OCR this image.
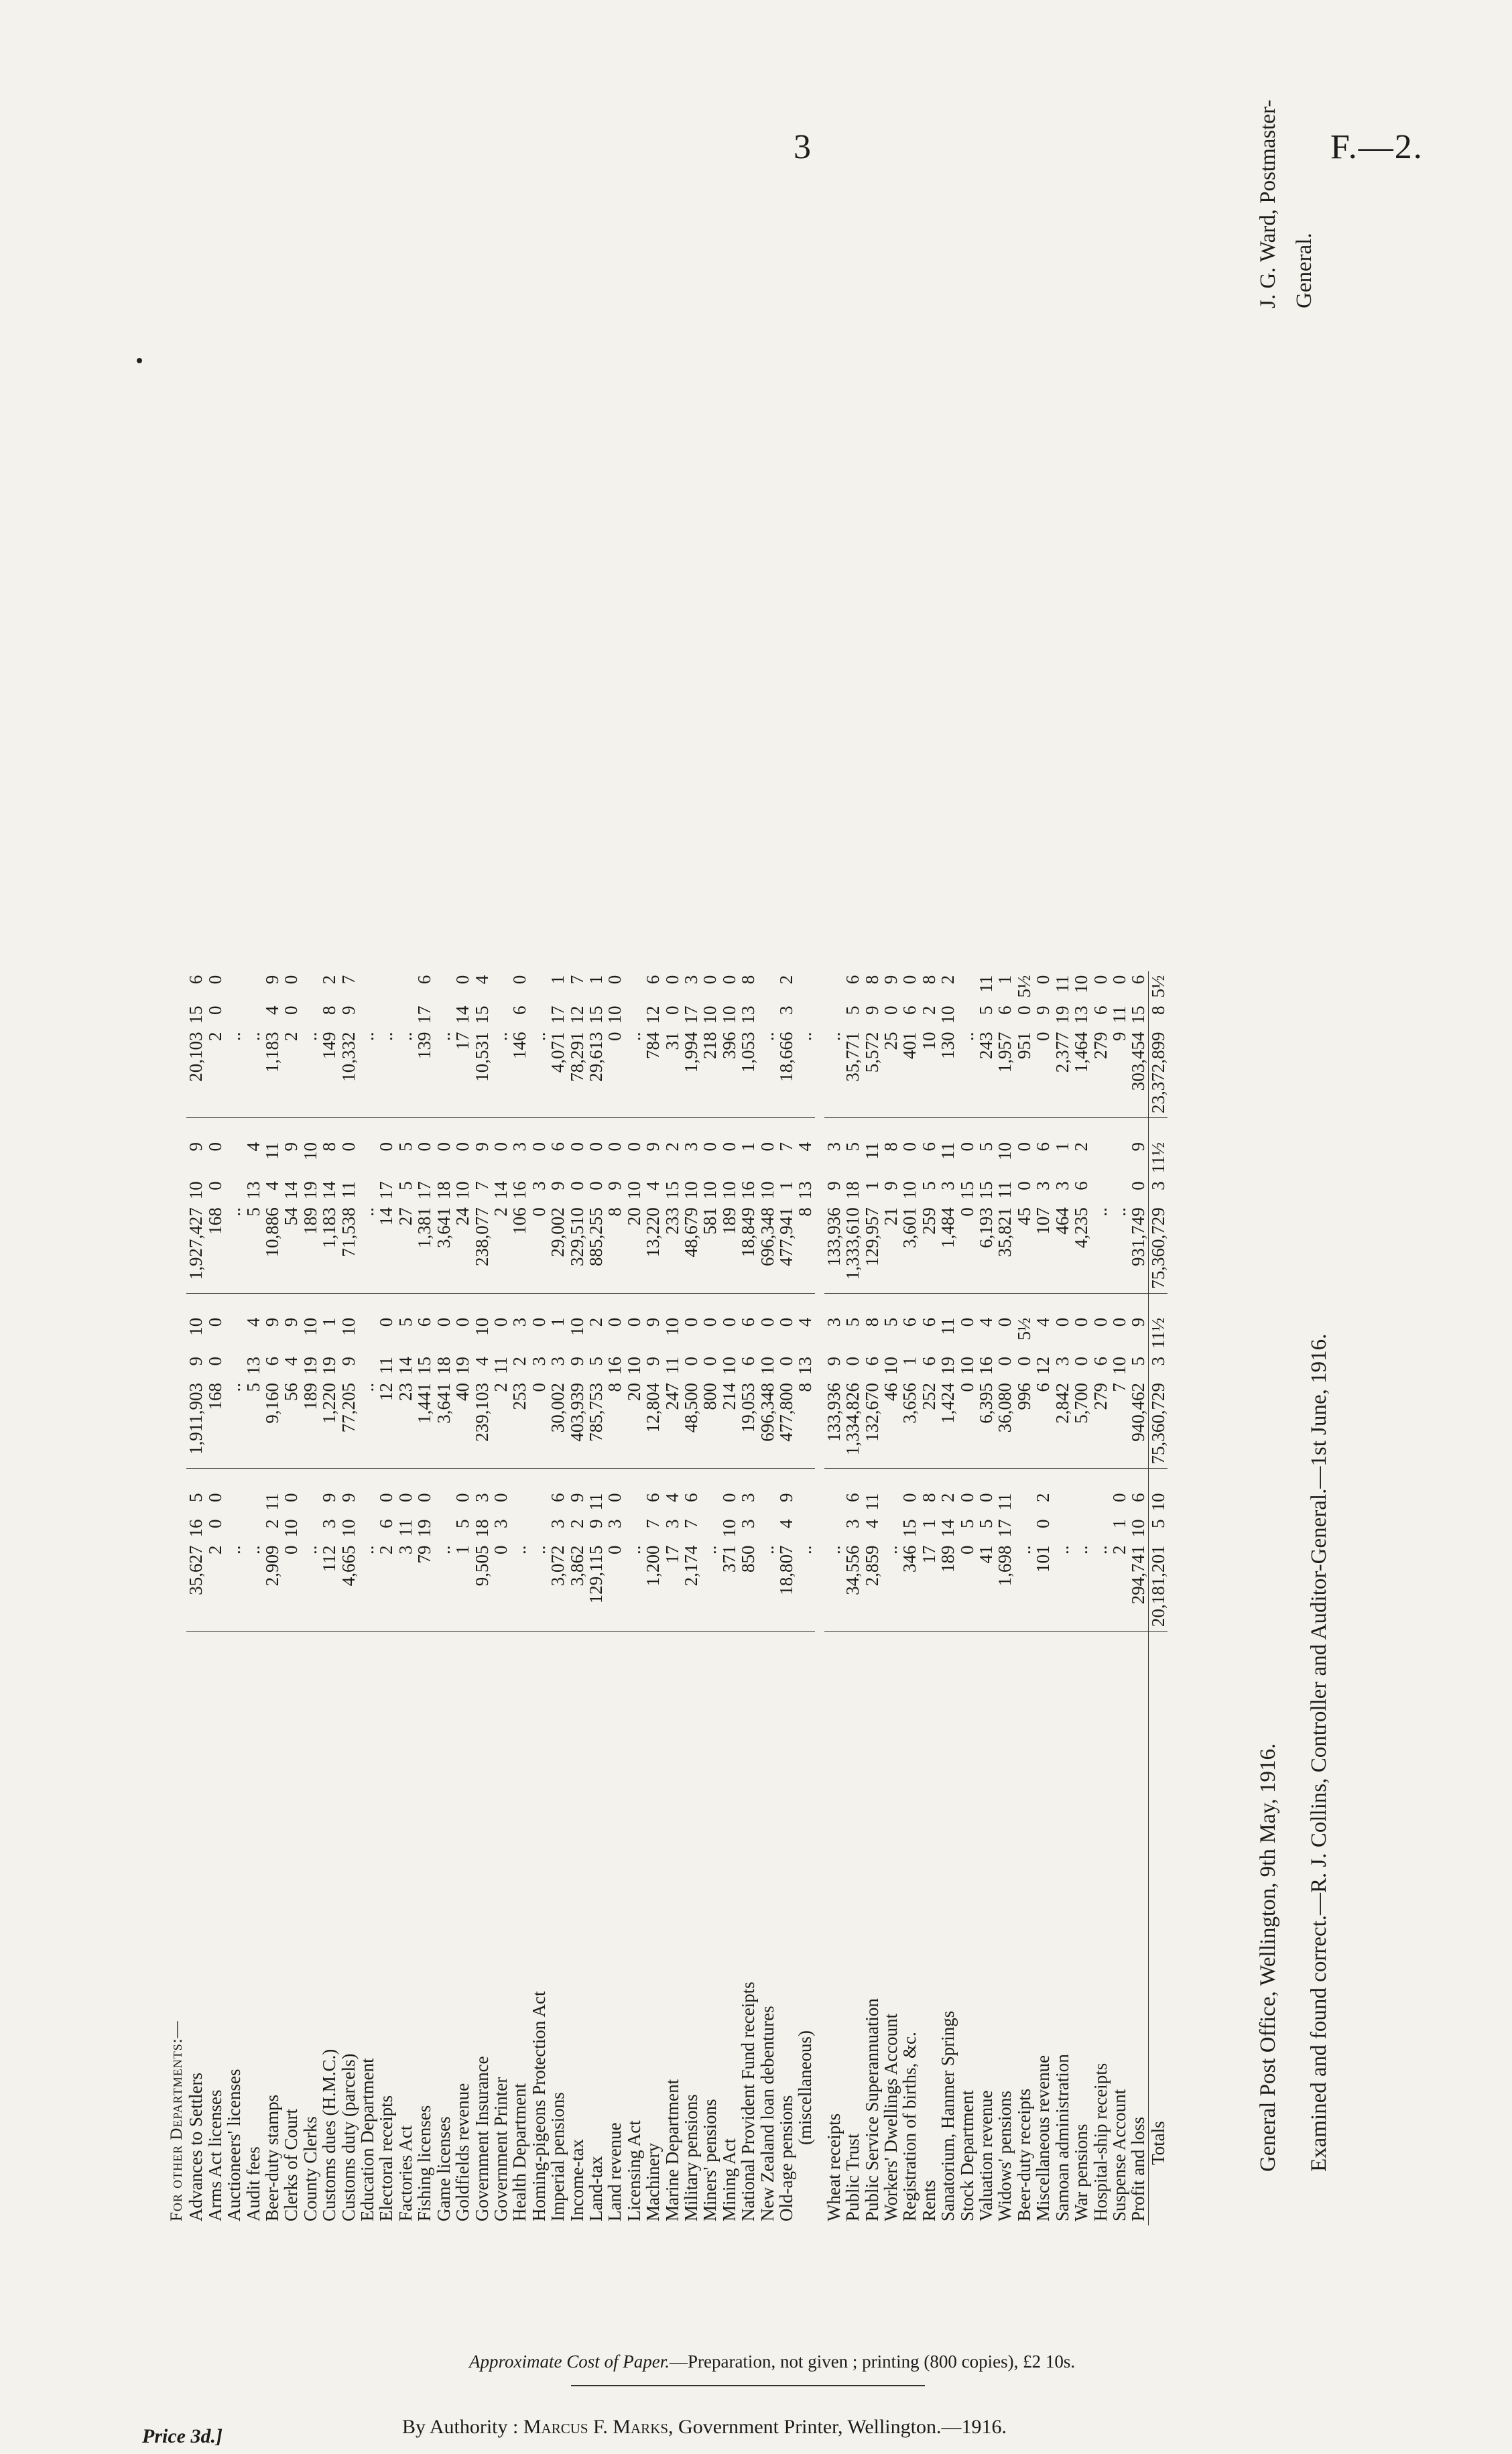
3	F.—2.
For other Departments:—															
Advances to Settlers	35,627	16	5		1,911,903	9	10		1,927,427	10	9		20,103	15	6
Arms Act licenses	2	0	0		168	0	0		168	0	0		2	0	0
Auctioneers' licenses	..				..				..				..		
Audit fees	..				5	13	4		5	13	4		..		
Beer-duty stamps	2,909	2	11		9,160	6	9		10,886	4	11		1,183	4	9
Clerks of Court	0	10	0		56	4	9		54	14	9		2	0	0
County Clerks	..				189	19	10		189	19	10		..		
Customs dues (H.M.C.)	112	3	9		1,220	19	1		1,183	14	8		149	8	2
Customs duty (parcels)	4,665	10	9		77,205	9	10		71,538	11	0		10,332	9	7
Education Department	..				..				..				..		
Electoral receipts	2	6	0		12	11	0		14	17	0		..		
Factories Act	3	11	0		23	14	5		27	5	5		..		
Fishing licenses	79	19	0		1,441	15	6		1,381	17	0		139	17	6
Game licenses	..				3,641	18	0		3,641	18	0		..		
Goldfields revenue	1	5	0		40	19	0		24	10	0		17	14	0
Government Insurance	9,505	18	3		239,103	4	10		238,077	7	9		10,531	15	4
Government Printer	0	3	0		2	11	0		2	14	0		..		
Health Department	..				253	2	3		106	16	3		146	6	0
Homing-pigeons Protection Act	..				0	3	0		0	3	0		..		
Imperial pensions	3,072	3	6		30,002	3	1		29,002	9	6		4,071	17	1
Income-tax	3,862	2	9		403,939	9	10		329,510	0	0		78,291	12	7
Land-tax	129,115	9	11		785,753	5	2		885,255	0	0		29,613	15	1
Land revenue	0	3	0		8	16	0		8	9	0		0	10	0
Licensing Act	..				20	10	0		20	10	0		..		
Machinery	1,200	7	6		12,804	9	9		13,220	4	9		784	12	6
Marine Department	17	3	4		247	11	10		233	15	2		31	0	0
Military pensions	2,174	7	6		48,500	0	0		48,679	10	3		1,994	17	3
Miners' pensions	..				800	0	0		581	10	0		218	10	0
Mining Act	371	10	0		214	10	0		189	10	0		396	10	0
National Provident Fund receipts	850	3	3		19,053	6	6		18,849	16	1		1,053	13	8
New Zealand loan debentures	..				696,348	10	0		696,348	10	0		..		
Old-age pensions	18,807	4	9		477,800	0	0		477,941	1	7		18,666	3	2
(miscellaneous)	..				8	13	4		8	13	4		..		

Wheat receipts	..				133,936	9	3		133,936	9	3		..		
Public Trust	34,556	3	6		1,334,826	0	5		1,333,610	18	5		35,771	5	6
Public Service Superannuation	2,859	4	11		132,670	6	8		129,957	1	11		5,572	9	8
Workers' Dwellings Account	..				46	10	5		21	9	8		25	0	9
Registration of births, &c.	346	15	0		3,656	1	6		3,601	10	0		401	6	0
Rents	17	1	8		252	6	6		259	5	6		10	2	8
Sanatorium, Hanmer Springs	189	14	2		1,424	19	11		1,484	3	11		130	10	2
Stock Department	0	5	0		0	10	0		0	15	0		..		
Valuation revenue	41	5	0		6,395	16	4		6,193	15	5		243	5	11
Widows' pensions	1,698	17	11		36,080	0	0		35,821	11	10		1,957	6	1
Beer-duty receipts	..				996	0	5½		45	0	0		951	0	5½
Miscellaneous revenue	101	0	2		6	12	4		107	3	6		0	9	0
Samoan administration	..				2,842	3	0		464	3	1		2,377	19	11
War pensions	..				5,700	0	0		4,235	6	2		1,464	13	10
Hospital-ship receipts	..				279	6	0		..				279	6	0
Suspense Account	2	1	0		7	10	0		..				9	11	0
Profit and loss	294,741	10	6		940,462	5	9		931,749	0	9		303,454	15	6
Totals	20,181,201	5	10		75,360,729	3	11½		75,360,729	3	11½		23,372,899	8	5½
General Post Office, Wellington, 9th May, 1916. Examined and found correct.—R. J. Collins, Controller and Auditor-General.—1st June, 1916.
J. G. Ward, Postmaster-General.
Approximate Cost of Paper.—Preparation, not given ; printing (800 copies), £2 10s.
Price 3d.]	By Authority : Marcus F. Marks, Government Printer, Wellington.—1916.
